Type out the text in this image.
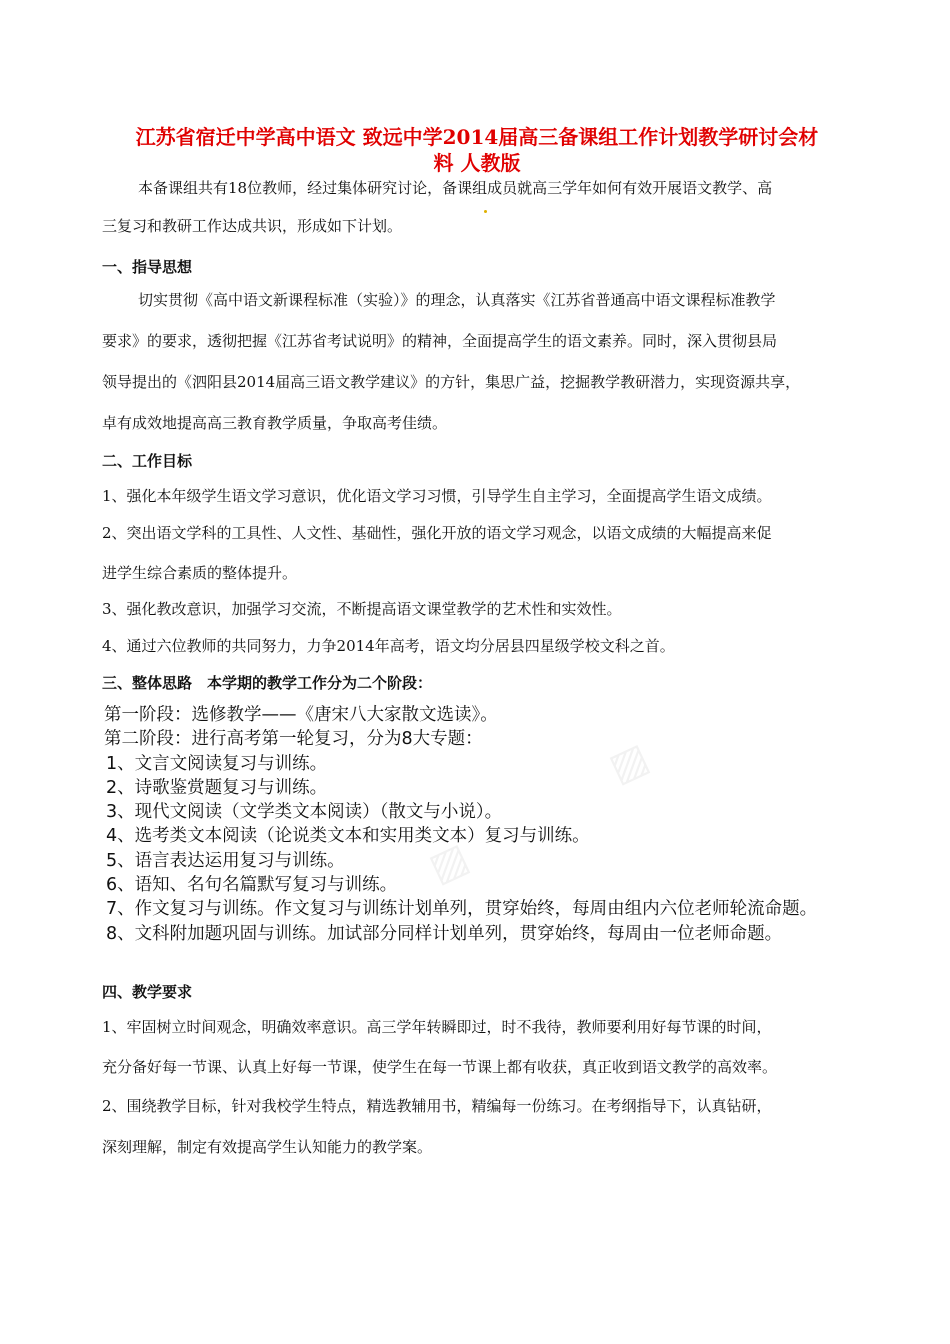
江苏省宿迁中学高中语文 致远中学2014届高三备课组工作计划教学研讨会材
料 人教版
本备课组共有18位教师，经过集体研究讨论，备课组成员就高三学年如何有效开展语文教学、高
三复习和教研工作达成共识，形成如下计划。
一、指导思想
切实贯彻《高中语文新课程标准（实验）》的理念，认真落实《江苏省普通高中语文课程标准教学
要求》的要求，透彻把握《江苏省考试说明》的精神，全面提高学生的语文素养。同时，深入贯彻县局
领导提出的《泗阳县2014届高三语文教学建议》的方针，集思广益，挖掘教学教研潜力，实现资源共享，
卓有成效地提高高三教育教学质量，争取高考佳绩。
二、工作目标
1、强化本年级学生语文学习意识，优化语文学习习惯，引导学生自主学习，全面提高学生语文成绩。
2、突出语文学科的工具性、人文性、基础性，强化开放的语文学习观念，以语文成绩的大幅提高来促
进学生综合素质的整体提升。
3、强化教改意识，加强学习交流，不断提高语文课堂教学的艺术性和实效性。
4、通过六位教师的共同努力，力争2014年高考，语文均分居县四星级学校文科之首。
三、整体思路　本学期的教学工作分为二个阶段：
第一阶段：选修教学——《唐宋八大家散文选读》。
第二阶段：进行高考第一轮复习，分为8大专题：
1、文言文阅读复习与训练。
2、诗歌鉴赏题复习与训练。
3、现代文阅读（文学类文本阅读）（散文与小说）。
4、选考类文本阅读（论说类文本和实用类文本）复习与训练。
5、语言表达运用复习与训练。
6、语知、名句名篇默写复习与训练。
7、作文复习与训练。作文复习与训练计划单列，贯穿始终，每周由组内六位老师轮流命题。
8、文科附加题巩固与训练。加试部分同样计划单列，贯穿始终，每周由一位老师命题。
▨
▨
四、教学要求
1、牢固树立时间观念，明确效率意识。高三学年转瞬即过，时不我待，教师要利用好每节课的时间，
充分备好每一节课、认真上好每一节课，使学生在每一节课上都有收获，真正收到语文教学的高效率。
2、围绕教学目标，针对我校学生特点，精选教辅用书，精编每一份练习。在考纲指导下，认真钻研，
深刻理解，制定有效提高学生认知能力的教学案。
